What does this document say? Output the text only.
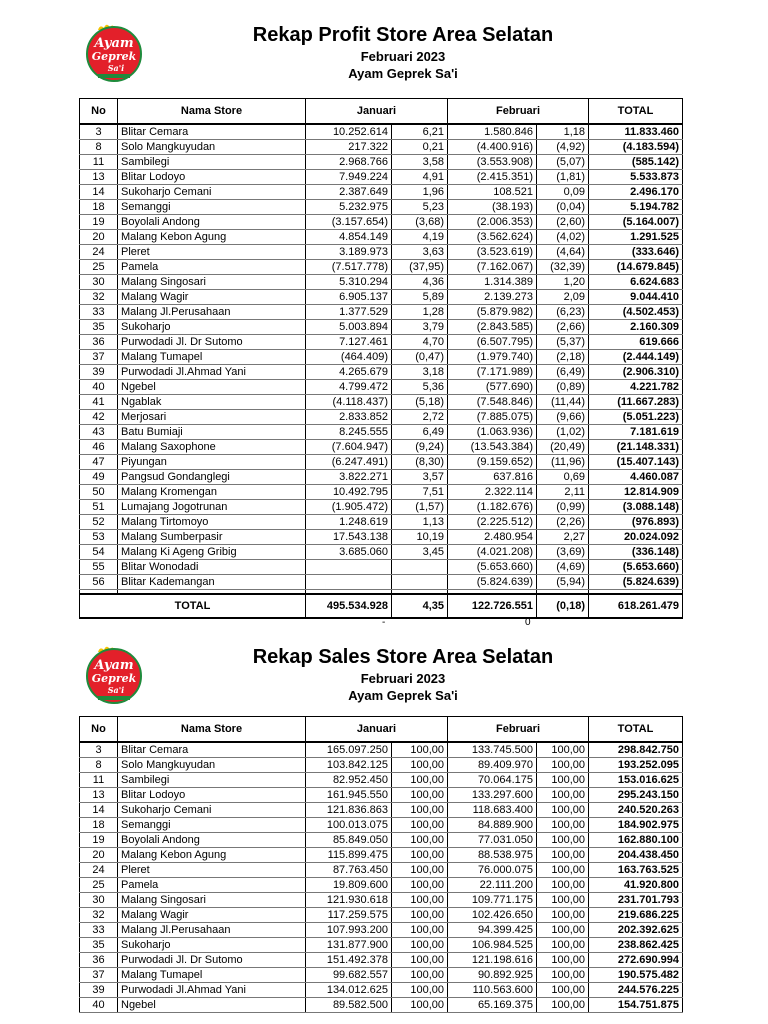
Ayam
Geprek
Sa'i
Rekap Profit Store Area Selatan
Februari 2023
Ayam Geprek Sa'i
No	Nama Store	Januari		Februari		TOTAL
3	Blitar Cemara	10.252.614	6,21	1.580.846	1,18	11.833.460
8	Solo Mangkuyudan	217.322	0,21	(4.400.916)	(4,92)	(4.183.594)
11	Sambilegi	2.968.766	3,58	(3.553.908)	(5,07)	(585.142)
13	Blitar Lodoyo	7.949.224	4,91	(2.415.351)	(1,81)	5.533.873
14	Sukoharjo Cemani	2.387.649	1,96	108.521	0,09	2.496.170
18	Semanggi	5.232.975	5,23	(38.193)	(0,04)	5.194.782
19	Boyolali Andong	(3.157.654)	(3,68)	(2.006.353)	(2,60)	(5.164.007)
20	Malang Kebon Agung	4.854.149	4,19	(3.562.624)	(4,02)	1.291.525
24	Pleret	3.189.973	3,63	(3.523.619)	(4,64)	(333.646)
25	Pamela	(7.517.778)	(37,95)	(7.162.067)	(32,39)	(14.679.845)
30	Malang Singosari	5.310.294	4,36	1.314.389	1,20	6.624.683
32	Malang Wagir	6.905.137	5,89	2.139.273	2,09	9.044.410
33	Malang Jl.Perusahaan	1.377.529	1,28	(5.879.982)	(6,23)	(4.502.453)
35	Sukoharjo	5.003.894	3,79	(2.843.585)	(2,66)	2.160.309
36	Purwodadi Jl. Dr Sutomo	7.127.461	4,70	(6.507.795)	(5,37)	619.666
37	Malang Tumapel	(464.409)	(0,47)	(1.979.740)	(2,18)	(2.444.149)
39	Purwodadi Jl.Ahmad Yani	4.265.679	3,18	(7.171.989)	(6,49)	(2.906.310)
40	Ngebel	4.799.472	5,36	(577.690)	(0,89)	4.221.782
41	Ngablak	(4.118.437)	(5,18)	(7.548.846)	(11,44)	(11.667.283)
42	Merjosari	2.833.852	2,72	(7.885.075)	(9,66)	(5.051.223)
43	Batu Bumiaji	8.245.555	6,49	(1.063.936)	(1,02)	7.181.619
46	Malang Saxophone	(7.604.947)	(9,24)	(13.543.384)	(20,49)	(21.148.331)
47	Piyungan	(6.247.491)	(8,30)	(9.159.652)	(11,96)	(15.407.143)
49	Pangsud Gondanglegi	3.822.271	3,57	637.816	0,69	4.460.087
50	Malang Kromengan	10.492.795	7,51	2.322.114	2,11	12.814.909
51	Lumajang Jogotrunan	(1.905.472)	(1,57)	(1.182.676)	(0,99)	(3.088.148)
52	Malang Tirtomoyo	1.248.619	1,13	(2.225.512)	(2,26)	(976.893)
53	Malang Sumberpasir	17.543.138	10,19	2.480.954	2,27	20.024.092
54	Malang Ki Ageng Gribig	3.685.060	3,45	(4.021.208)	(3,69)	(336.148)
55	Blitar Wonodadi			(5.653.660)	(4,69)	(5.653.660)
56	Blitar Kademangan			(5.824.639)	(5,94)	(5.824.639)

TOTAL		495.534.928	4,35	122.726.551	(0,18)	618.261.479
-	0
Ayam
Geprek
Sa'i
Rekap Sales Store Area Selatan
Februari 2023
Ayam Geprek Sa'i
No	Nama Store	Januari		Februari		TOTAL
3	Blitar Cemara	165.097.250	100,00	133.745.500	100,00	298.842.750
8	Solo Mangkuyudan	103.842.125	100,00	89.409.970	100,00	193.252.095
11	Sambilegi	82.952.450	100,00	70.064.175	100,00	153.016.625
13	Blitar Lodoyo	161.945.550	100,00	133.297.600	100,00	295.243.150
14	Sukoharjo Cemani	121.836.863	100,00	118.683.400	100,00	240.520.263
18	Semanggi	100.013.075	100,00	84.889.900	100,00	184.902.975
19	Boyolali Andong	85.849.050	100,00	77.031.050	100,00	162.880.100
20	Malang Kebon Agung	115.899.475	100,00	88.538.975	100,00	204.438.450
24	Pleret	87.763.450	100,00	76.000.075	100,00	163.763.525
25	Pamela	19.809.600	100,00	22.111.200	100,00	41.920.800
30	Malang Singosari	121.930.618	100,00	109.771.175	100,00	231.701.793
32	Malang Wagir	117.259.575	100,00	102.426.650	100,00	219.686.225
33	Malang Jl.Perusahaan	107.993.200	100,00	94.399.425	100,00	202.392.625
35	Sukoharjo	131.877.900	100,00	106.984.525	100,00	238.862.425
36	Purwodadi Jl. Dr Sutomo	151.492.378	100,00	121.198.616	100,00	272.690.994
37	Malang Tumapel	99.682.557	100,00	90.892.925	100,00	190.575.482
39	Purwodadi Jl.Ahmad Yani	134.012.625	100,00	110.563.600	100,00	244.576.225
40	Ngebel	89.582.500	100,00	65.169.375	100,00	154.751.875
